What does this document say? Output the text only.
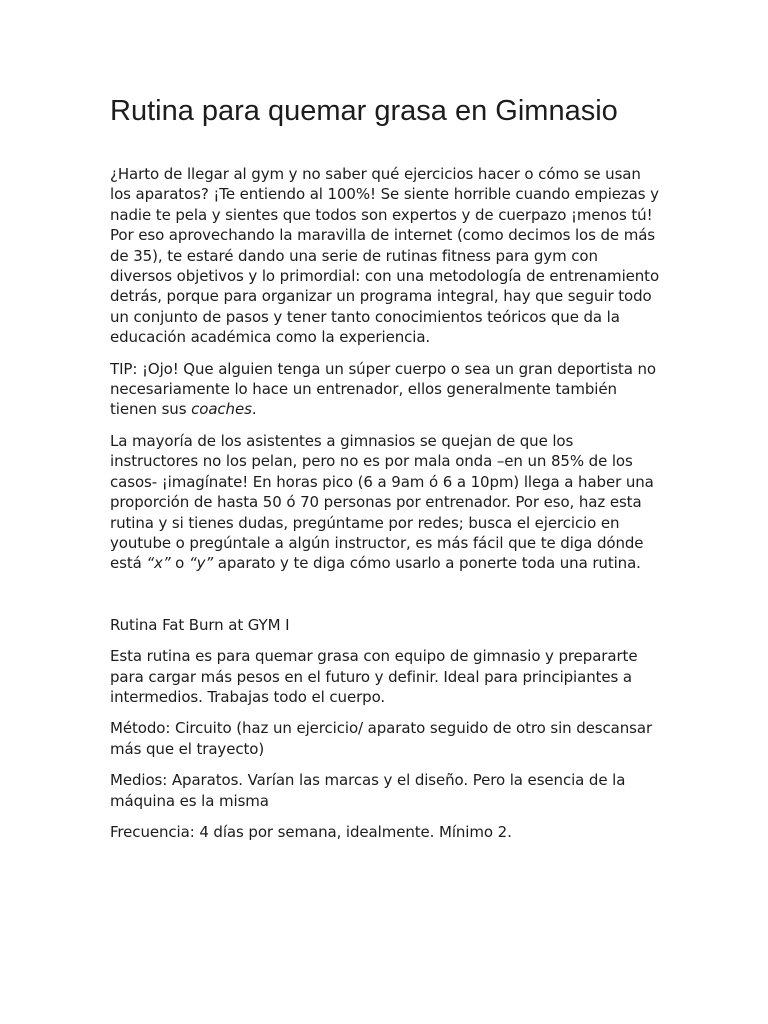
Rutina para quemar grasa en Gimnasio

¿Harto de llegar al gym y no saber qué ejercicios hacer o cómo se usan los aparatos? ¡Te entiendo al 100%! Se siente horrible cuando empiezas y nadie te pela y sientes que todos son expertos y de cuerpazo ¡menos tú! Por eso aprovechando la maravilla de internet (como decimos los de más de 35), te estaré dando una serie de rutinas fitness para gym con diversos objetivos y lo primordial: con una metodología de entrenamiento detrás, porque para organizar un programa integral, hay que seguir todo un conjunto de pasos y tener tanto conocimientos teóricos que da la educación académica como la experiencia.

TIP: ¡Ojo! Que alguien tenga un súper cuerpo o sea un gran deportista no necesariamente lo hace un entrenador, ellos generalmente también tienen sus coaches.

La mayoría de los asistentes a gimnasios se quejan de que los instructores no los pelan, pero no es por mala onda –en un 85% de los casos- ¡imagínate! En horas pico (6 a 9am ó 6 a 10pm) llega a haber una proporción de hasta 50 ó 70 personas por entrenador. Por eso, haz esta rutina y si tienes dudas, pregúntame por redes; busca el ejercicio en youtube o pregúntale a algún instructor, es más fácil que te diga dónde está “x” o “y” aparato y te diga cómo usarlo a ponerte toda una rutina.

Rutina Fat Burn at GYM I

Esta rutina es para quemar grasa con equipo de gimnasio y prepararte para cargar más pesos en el futuro y definir. Ideal para principiantes a intermedios. Trabajas todo el cuerpo.

Método: Circuito (haz un ejercicio/ aparato seguido de otro sin descansar más que el trayecto)

Medios: Aparatos. Varían las marcas y el diseño. Pero la esencia de la máquina es la misma

Frecuencia: 4 días por semana, idealmente. Mínimo 2.
